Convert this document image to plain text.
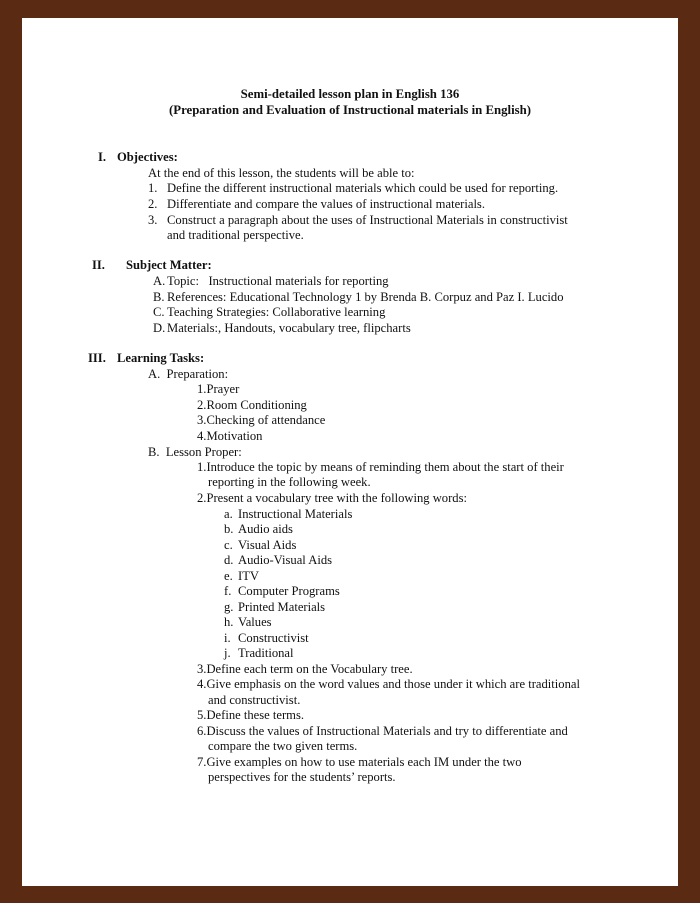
Semi-detailed lesson plan in English 136
(Preparation and Evaluation of Instructional materials in English)
I. Objectives:
At the end of this lesson, the students will be able to:
1. Define the different instructional materials which could be used for reporting.
2. Differentiate and compare the values of instructional materials.
3. Construct a paragraph about the uses of Instructional Materials in constructivist
and traditional perspective.
II. Subject Matter:
A. Topic:   Instructional materials for reporting
B. References: Educational Technology 1 by Brenda B. Corpuz and Paz I. Lucido
C. Teaching Strategies: Collaborative learning
D. Materials:, Handouts, vocabulary tree, flipcharts
III. Learning Tasks:
A.  Preparation:
1.Prayer
2.Room Conditioning
3.Checking of attendance
4.Motivation
B.  Lesson Proper:
1.Introduce the topic by means of reminding them about the start of their
reporting in the following week.
2.Present a vocabulary tree with the following words:
a. Instructional Materials
b. Audio aids
c. Visual Aids
d. Audio-Visual Aids
e. ITV
f. Computer Programs
g. Printed Materials
h. Values
i. Constructivist
j. Traditional
3.Define each term on the Vocabulary tree.
4.Give emphasis on the word values and those under it which are traditional
and constructivist.
5.Define these terms.
6.Discuss the values of Instructional Materials and try to differentiate and
compare the two given terms.
7.Give examples on how to use materials each IM under the two
perspectives for the students’ reports.
